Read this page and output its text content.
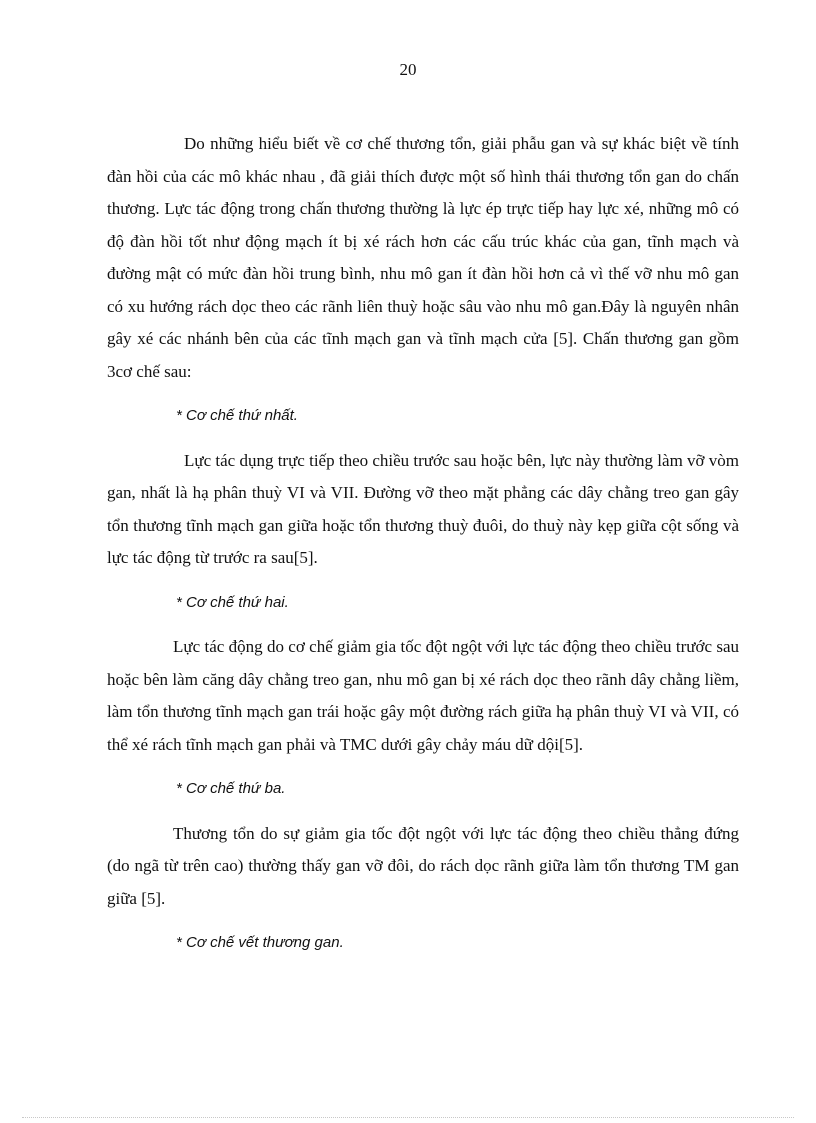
20

Do những hiểu biết về cơ chế thương tổn, giải phẫu gan và sự khác biệt về tính đàn hồi của các mô khác nhau , đã giải thích được một số hình thái thương tổn gan do chấn thương. Lực tác động trong chấn thương thường là lực ép trực tiếp hay lực xé, những mô có độ đàn hồi tốt như động mạch ít bị xé rách hơn các cấu trúc khác của gan, tĩnh mạch và đường mật có mức đàn hồi trung bình, nhu mô gan ít đàn hồi hơn cả vì thế vỡ nhu mô gan có xu hướng rách dọc theo các rãnh liên thuỳ hoặc sâu vào nhu mô gan.Đây là nguyên nhân gây xé các nhánh bên của các tĩnh mạch gan và tĩnh mạch cửa [5]. Chấn thương gan gồm 3cơ chế sau:

* Cơ chế thứ nhất.

Lực tác dụng trực tiếp theo chiều trước sau hoặc bên, lực này thường làm vỡ vòm gan, nhất là hạ phân thuỳ VI và VII. Đường vỡ theo mặt phẳng các dây chằng treo gan gây tổn thương tĩnh mạch gan giữa hoặc tổn thương thuỳ đuôi, do thuỳ này kẹp giữa cột sống và lực tác động từ trước ra sau[5].

* Cơ chế thứ hai.

Lực tác động do cơ chế giảm gia tốc đột ngột với lực tác động theo chiều trước sau hoặc bên làm căng dây chằng treo gan, nhu mô gan bị xé rách dọc theo rãnh dây chằng liềm, làm tổn thương tĩnh mạch gan trái hoặc gây một đường rách giữa hạ phân thuỳ VI và VII, có thể xé rách tĩnh mạch gan phải và TMC dưới gây chảy máu dữ dội[5].

* Cơ chế thứ ba.

Thương tổn do sự giảm gia tốc đột ngột với lực tác động theo chiều thẳng đứng (do ngã từ trên cao) thường thấy gan vỡ đôi, do rách dọc rãnh giữa làm tổn thương TM gan giữa [5].

* Cơ chế vết thương gan.
